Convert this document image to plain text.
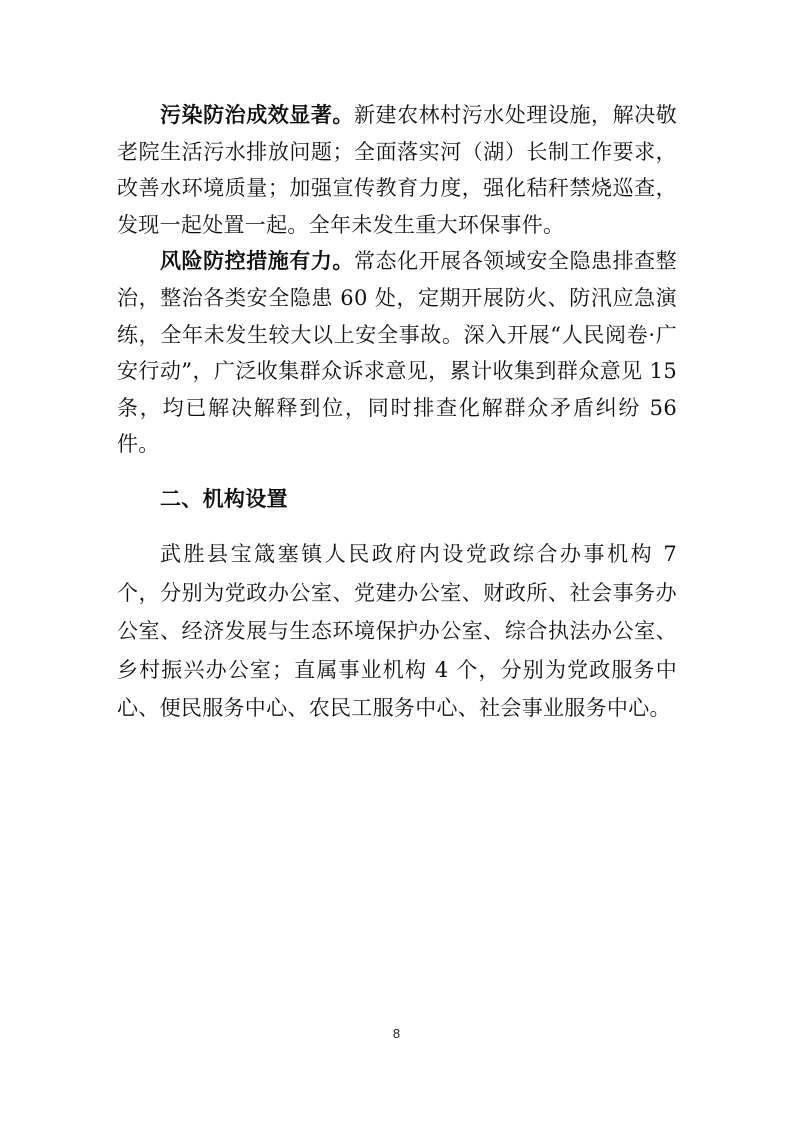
污染防治成效显著。新建农林村污水处理设施，解决敬老院生活污水排放问题；全面落实河（湖）长制工作要求，改善水环境质量；加强宣传教育力度，强化秸秆禁烧巡查，发现一起处置一起。全年未发生重大环保事件。

风险防控措施有力。常态化开展各领域安全隐患排查整治，整治各类安全隐患 60 处，定期开展防火、防汛应急演练，全年未发生较大以上安全事故。深入开展“人民阅卷·广安行动”，广泛收集群众诉求意见，累计收集到群众意见 15 条，均已解决解释到位，同时排查化解群众矛盾纠纷 56 件。

二、机构设置

武胜县宝箴塞镇人民政府内设党政综合办事机构 7 个，分别为党政办公室、党建办公室、财政所、社会事务办公室、经济发展与生态环境保护办公室、综合执法办公室、乡村振兴办公室；直属事业机构 4 个，分别为党政服务中心、便民服务中心、农民工服务中心、社会事业服务中心。

8
